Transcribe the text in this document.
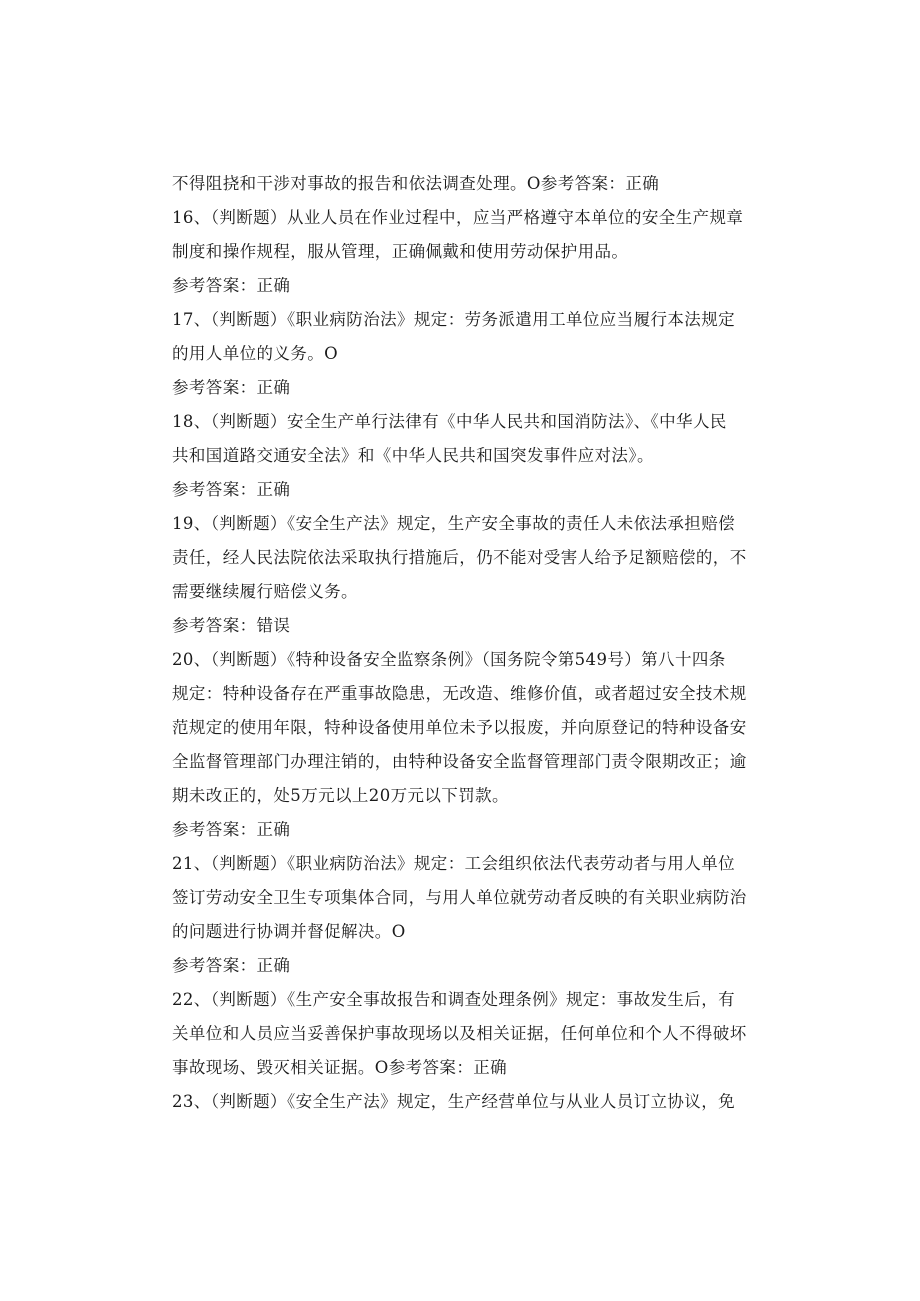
不得阻挠和干涉对事故的报告和依法调查处理。O参考答案：正确
16、（判断题）从业人员在作业过程中，应当严格遵守本单位的安全生产规章
制度和操作规程，服从管理，正确佩戴和使用劳动保护用品。
参考答案：正确
17、（判断题）《职业病防治法》规定：劳务派遣用工单位应当履行本法规定
的用人单位的义务。O
参考答案：正确
18、（判断题）安全生产单行法律有《中华人民共和国消防法》、《中华人民
共和国道路交通安全法》和《中华人民共和国突发事件应对法》。
参考答案：正确
19、（判断题）《安全生产法》规定，生产安全事故的责任人未依法承担赔偿
责任，经人民法院依法采取执行措施后，仍不能对受害人给予足额赔偿的，不
需要继续履行赔偿义务。
参考答案：错误
20、（判断题）《特种设备安全监察条例》（国务院令第549号）第八十四条
规定：特种设备存在严重事故隐患，无改造、维修价值，或者超过安全技术规
范规定的使用年限，特种设备使用单位未予以报废，并向原登记的特种设备安
全监督管理部门办理注销的，由特种设备安全监督管理部门责令限期改正；逾
期未改正的，处5万元以上20万元以下罚款。
参考答案：正确
21、（判断题）《职业病防治法》规定：工会组织依法代表劳动者与用人单位
签订劳动安全卫生专项集体合同，与用人单位就劳动者反映的有关职业病防治
的问题进行协调并督促解决。O
参考答案：正确
22、（判断题）《生产安全事故报告和调查处理条例》规定：事故发生后，有
关单位和人员应当妥善保护事故现场以及相关证据，任何单位和个人不得破坏
事故现场、毁灭相关证据。O参考答案：正确
23、（判断题）《安全生产法》规定，生产经营单位与从业人员订立协议，免
